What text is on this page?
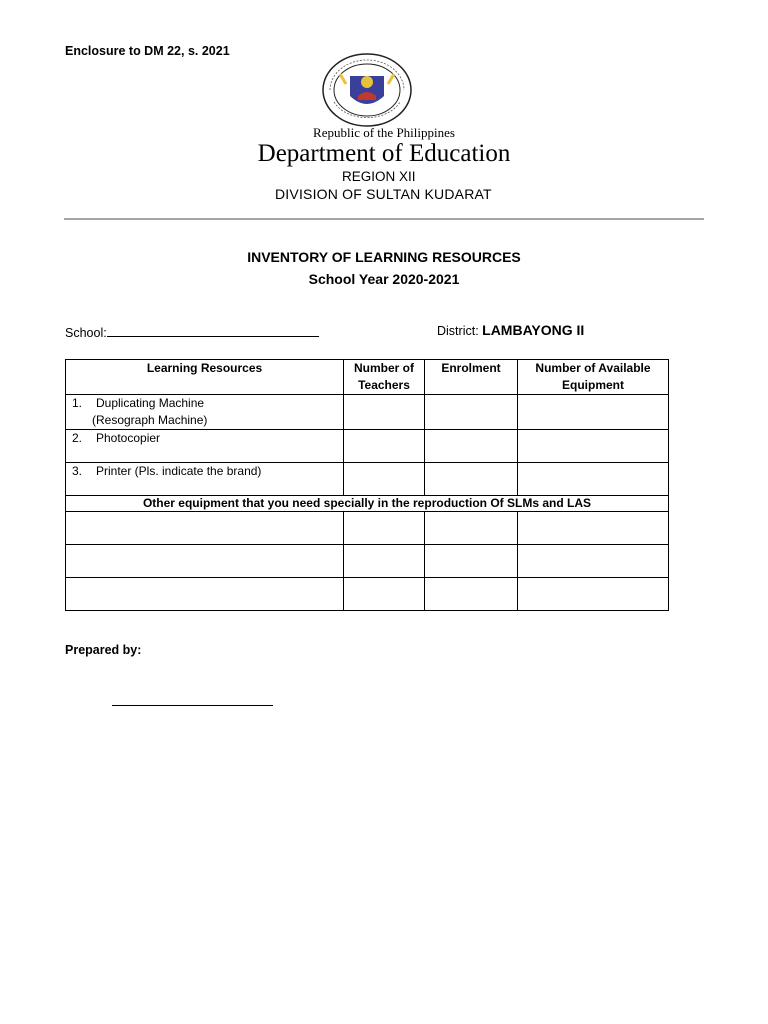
Enclosure to DM 22, s. 2021
Republic of the Philippines
Department of Education
REGION XII
DIVISION OF SULTAN KUDARAT
INVENTORY OF LEARNING RESOURCES
School Year 2020-2021
School:	District: LAMBAYONG II
Learning Resources	Number of Teachers	Enrolment	Number of Available Equipment
1. Duplicating Machine
(Resograph Machine)			
2. Photocopier			
3. Printer (Pls. indicate the brand)			
Other equipment that you need specially in the reproduction Of SLMs and LAS			

Prepared by:
